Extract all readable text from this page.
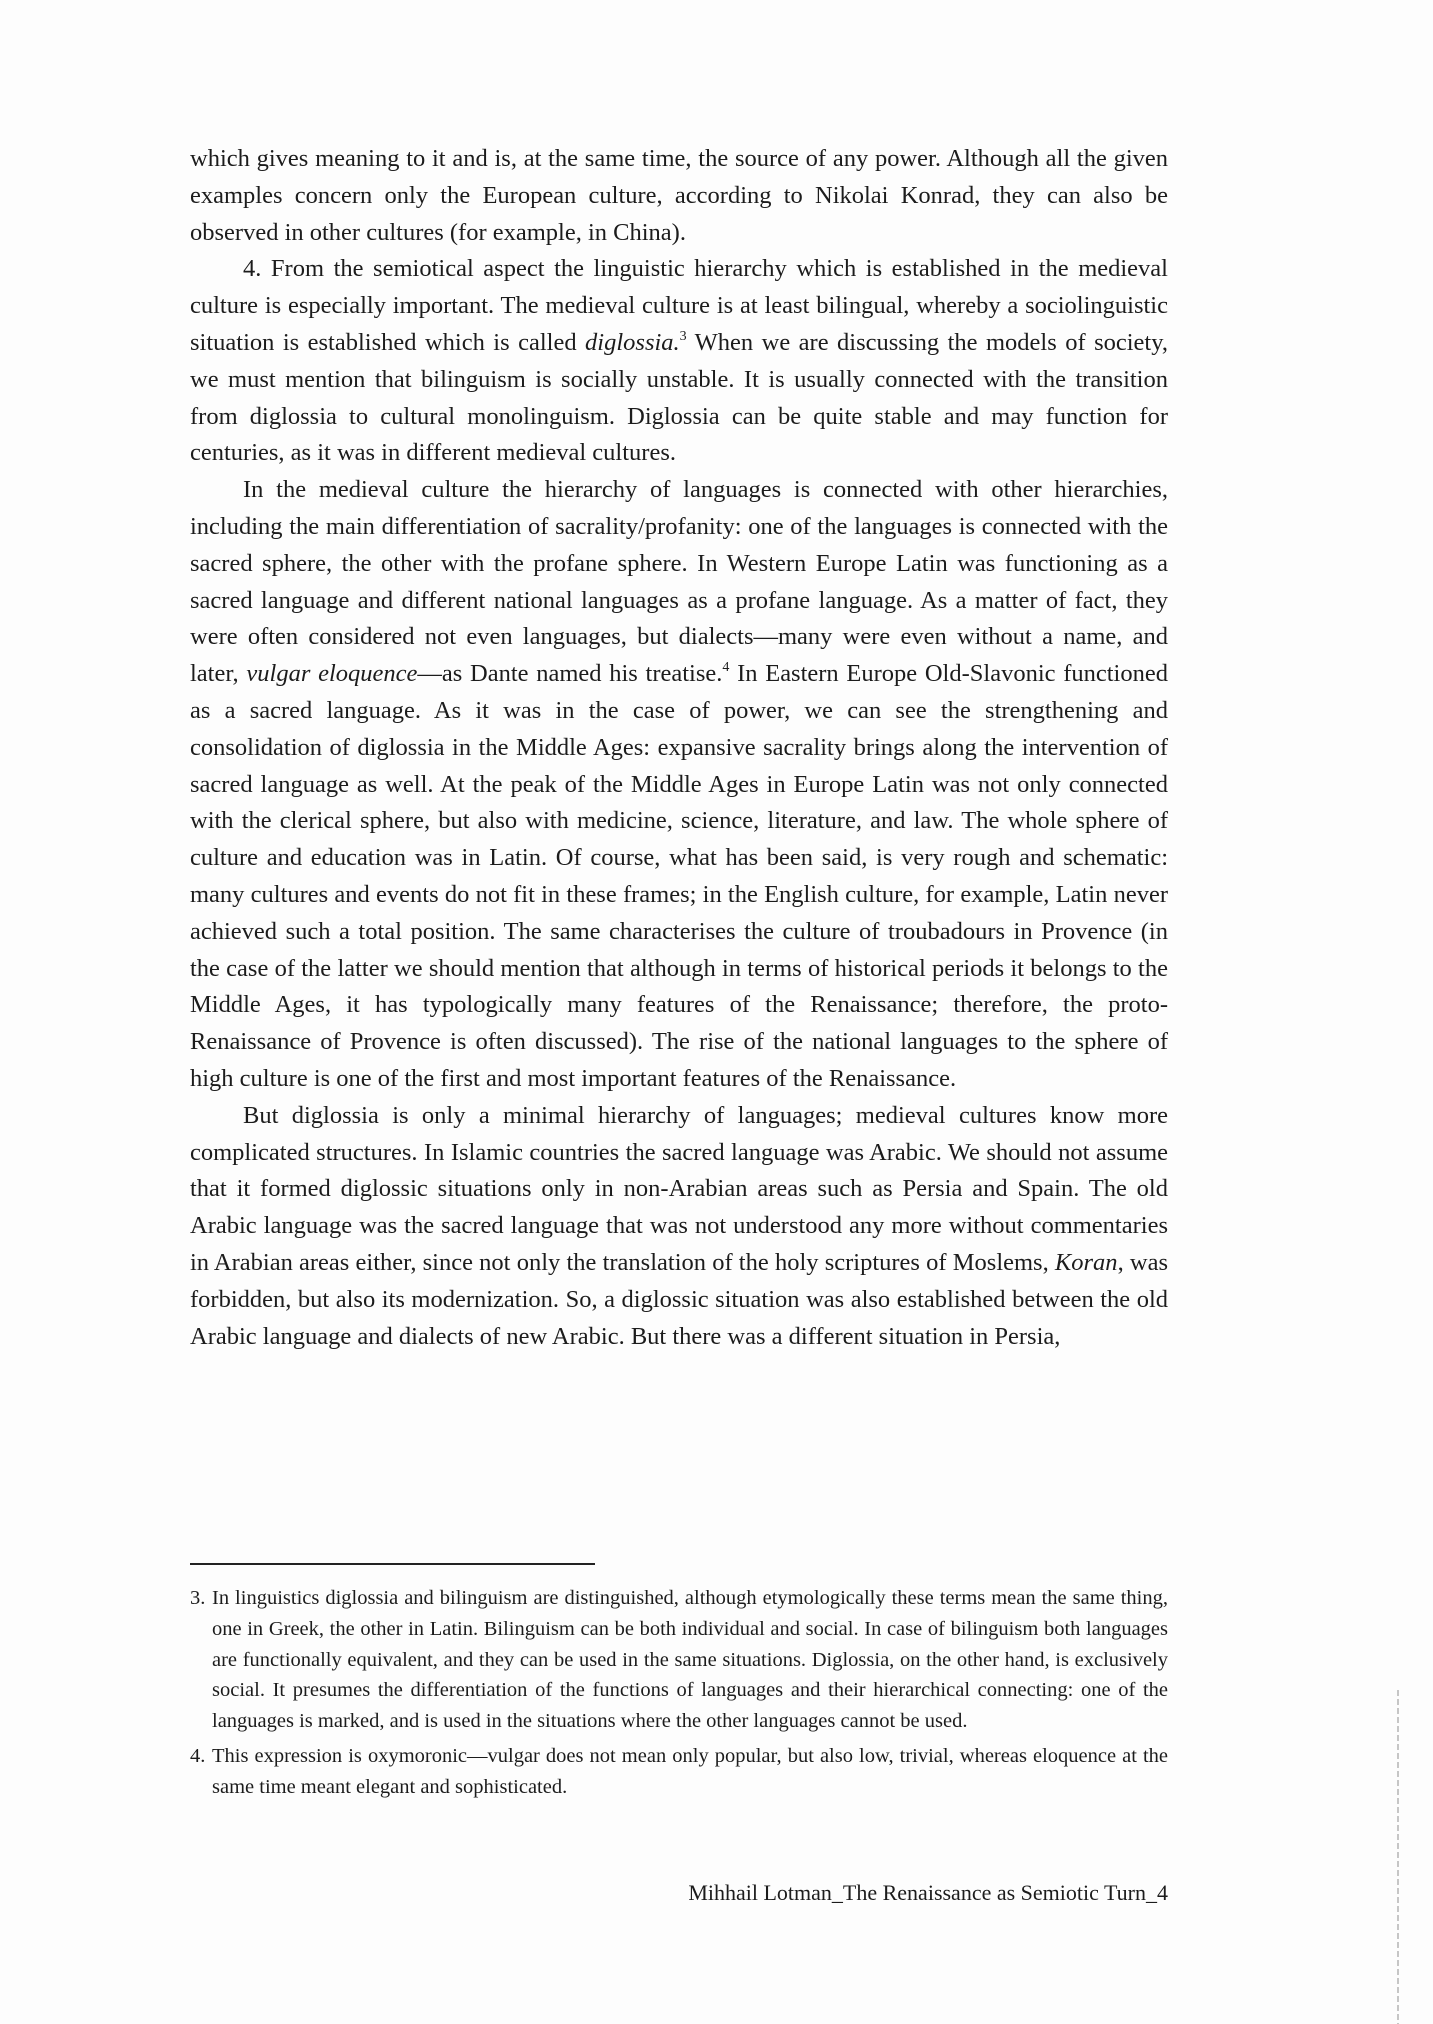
which gives meaning to it and is, at the same time, the source of any power. Although all the given examples concern only the European culture, according to Nikolai Konrad, they can also be observed in other cultures (for example, in China).

4. From the semiotical aspect the linguistic hierarchy which is established in the medieval culture is especially important. The medieval culture is at least bilingual, whereby a sociolinguistic situation is established which is called diglossia.$^3$ When we are discussing the models of society, we must mention that bilinguism is socially unstable. It is usually connected with the transition from diglossia to cultural monolinguism. Diglossia can be quite stable and may function for centuries, as it was in different medieval cultures.

In the medieval culture the hierarchy of languages is connected with other hierarchies, including the main differentiation of sacrality/profanity: one of the languages is connected with the sacred sphere, the other with the profane sphere. In Western Europe Latin was functioning as a sacred language and different national languages as a profane language. As a matter of fact, they were often considered not even languages, but dialects—many were even without a name, and later, vulgar eloquence—as Dante named his treatise.$^4$ In Eastern Europe Old-Slavonic functioned as a sacred language. As it was in the case of power, we can see the strengthening and consolidation of diglossia in the Middle Ages: expansive sacrality brings along the intervention of sacred language as well. At the peak of the Middle Ages in Europe Latin was not only connected with the clerical sphere, but also with medicine, science, literature, and law. The whole sphere of culture and education was in Latin. Of course, what has been said, is very rough and schematic: many cultures and events do not fit in these frames; in the English culture, for example, Latin never achieved such a total position. The same characterises the culture of troubadours in Provence (in the case of the latter we should mention that although in terms of historical periods it belongs to the Middle Ages, it has typologically many features of the Renaissance; therefore, the proto-Renaissance of Provence is often discussed). The rise of the national languages to the sphere of high culture is one of the first and most important features of the Renaissance.

But diglossia is only a minimal hierarchy of languages; medieval cultures know more complicated structures. In Islamic countries the sacred language was Arabic. We should not assume that it formed diglossic situations only in non-Arabian areas such as Persia and Spain. The old Arabic language was the sacred language that was not understood any more without commentaries in Arabian areas either, since not only the translation of the holy scriptures of Moslems, Koran, was forbidden, but also its modernization. So, a diglossic situation was also established between the old Arabic language and dialects of new Arabic. But there was a different situation in Persia,

3. In linguistics diglossia and bilinguism are distinguished, although etymologically these terms mean the same thing, one in Greek, the other in Latin. Bilinguism can be both individual and social. In case of bilinguism both languages are functionally equivalent, and they can be used in the same situations. Diglossia, on the other hand, is exclusively social. It presumes the differentiation of the functions of languages and their hierarchical connecting: one of the languages is marked, and is used in the situations where the other languages cannot be used.
4. This expression is oxymoronic—vulgar does not mean only popular, but also low, trivial, whereas eloquence at the same time meant elegant and sophisticated.
Mihhail Lotman_The Renaissance as Semiotic Turn_4
